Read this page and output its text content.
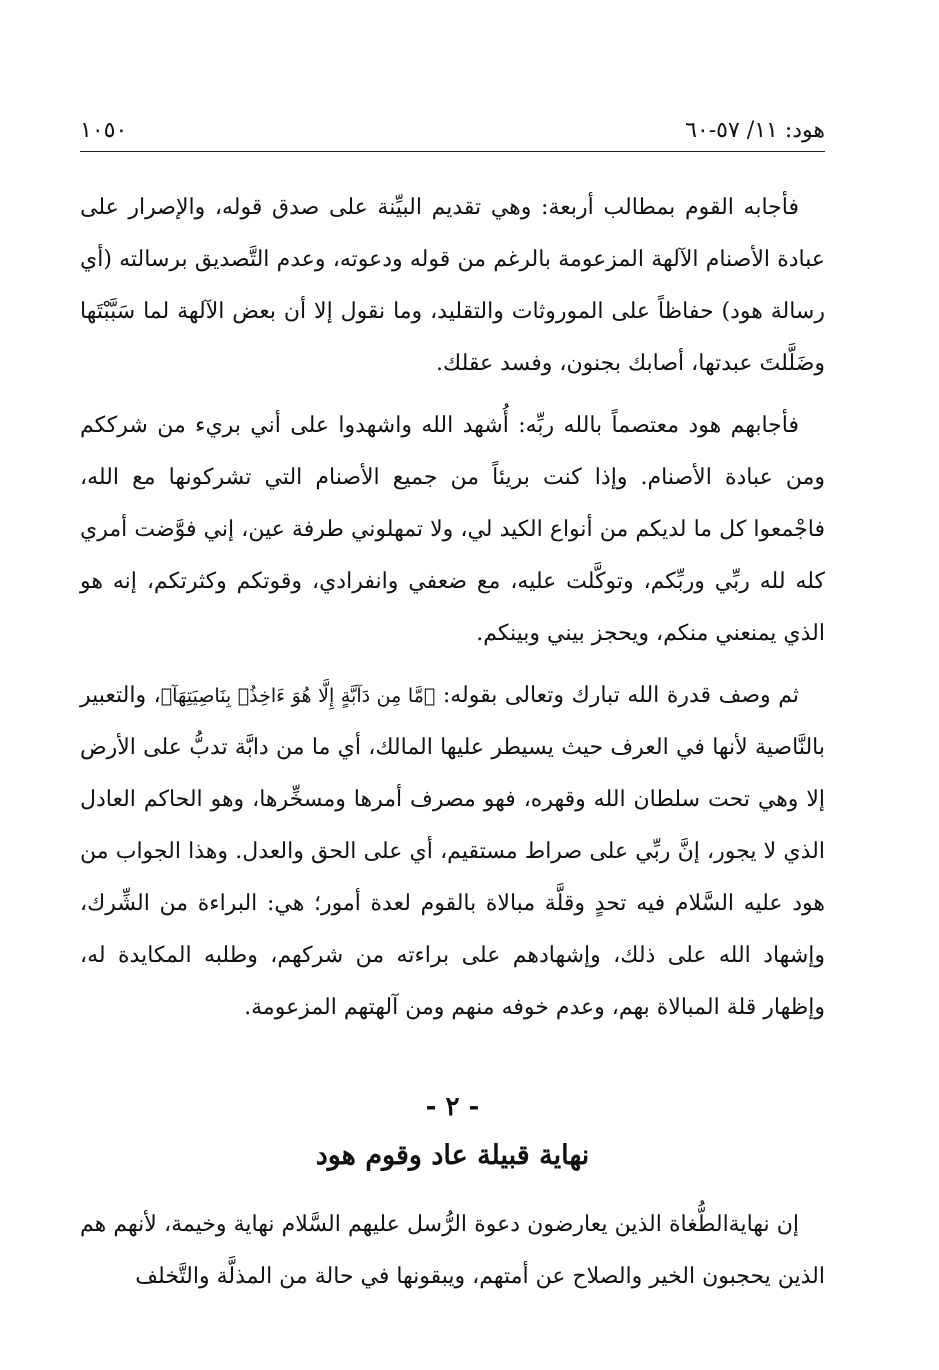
هود: ١١/ ٥٧-٦٠
١٠٥٠

فأجابه القوم بمطالب أربعة: وهي تقديم البيِّنة على صدق قوله، والإصرار على عبادة الأصنام الآلهة المزعومة بالرغم من قوله ودعوته، وعدم التَّصديق برسالته (أي رسالة هود) حفاظاً على الموروثات والتقليد، وما نقول إلا أن بعض الآلهة لما سَبَّبْتَها وضَلَّلتَ عبدتها، أصابك بجنون، وفسد عقلك.

فأجابهم هود معتصماً بالله ربِّه: أُشهد الله واشهدوا على أني بريء من شرككم ومن عبادة الأصنام. وإذا كنت بريئاً من جميع الأصنام التي تشركونها مع الله، فاجْمعوا كل ما لديكم من أنواع الكيد لي، ولا تمهلوني طرفة عين، إني فوَّضت أمري كله لله ربِّي وربِّكم، وتوكَّلت عليه، مع ضعفي وانفرادي، وقوتكم وكثرتكم، إنه هو الذي يمنعني منكم، ويحجز بيني وبينكم.

ثم وصف قدرة الله تبارك وتعالى بقوله: ﴿مَّا مِن دَآبَّةٍ إِلَّا هُوَ ءَاخِذُۢ بِنَاصِيَتِهَآ﴾، والتعبير بالنَّاصية لأنها في العرف حيث يسيطر عليها المالك، أي ما من دابَّة تدبُّ على الأرض إلا وهي تحت سلطان الله وقهره، فهو مصرف أمرها ومسخِّرها، وهو الحاكم العادل الذي لا يجور، إنَّ ربِّي على صراط مستقيم، أي على الحق والعدل. وهذا الجواب من هود عليه السَّلام فيه تحدٍ وقلَّة مبالاة بالقوم لعدة أمور؛ هي: البراءة من الشِّرك، وإشهاد الله على ذلك، وإشهادهم على براءته من شركهم، وطلبه المكايدة له، وإظهار قلة المبالاة بهم، وعدم خوفه منهم ومن آلهتهم المزعومة.

- ٢ -
نهاية قبيلة عاد وقوم هود

إن نهايةالطُّغاة الذين يعارضون دعوة الرُّسل عليهم السَّلام نهاية وخيمة، لأنهم هم الذين يحجبون الخير والصلاح عن أمتهم، ويبقونها في حالة من المذلَّة والتَّخلف
